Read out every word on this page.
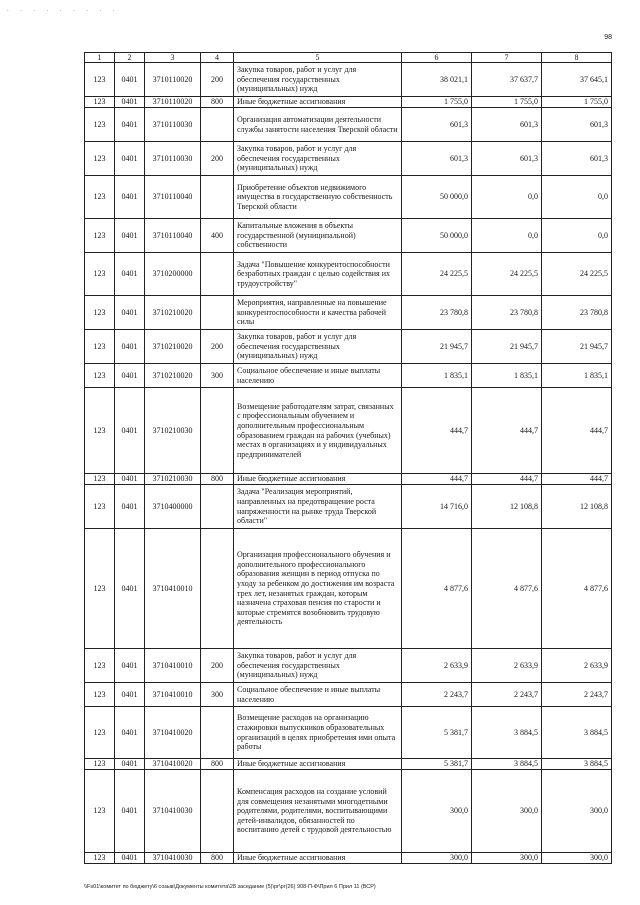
. . . . . . . . .
98
1	2	3	4	5	6	7	8
123	0401	3710110020	200	Закупка товаров, работ и услуг для обеспечения государственных (муниципальных) нужд	38 021,1	37 637,7	37 645,1
123	0401	3710110020	800	Иные бюджетные ассигнования	1 755,0	1 755,0	1 755,0
123	0401	3710110030		Организация автоматизации деятельности службы занятости населения Тверской области	601,3	601,3	601,3
123	0401	3710110030	200	Закупка товаров, работ и услуг для обеспечения государственных (муниципальных) нужд	601,3	601,3	601,3
123	0401	3710110040		Приобретение объектов недвижимого имущества в государственную собственность Тверской области	50 000,0	0,0	0,0
123	0401	3710110040	400	Капитальные вложения в объекты государственной (муниципальной) собственности	50 000,0	0,0	0,0
123	0401	3710200000		Задача "Повышение конкурентоспособности безработных граждан с целью содействия их трудоустройству"	24 225,5	24 225,5	24 225,5
123	0401	3710210020		Мероприятия, направленные на повышение конкурентоспособности и качества рабочей силы	23 780,8	23 780,8	23 780,8
123	0401	3710210020	200	Закупка товаров, работ и услуг для обеспечения государственных (муниципальных) нужд	21 945,7	21 945,7	21 945,7
123	0401	3710210020	300	Социальное обеспечение и иные выплаты населению	1 835,1	1 835,1	1 835,1
123	0401	3710210030		Возмещение работодателям затрат, связанных с профессиональным обучением и дополнительным профессиональным образованием граждан на рабочих (учебных) местах в организациях и у индивидуальных предпринимателей	444,7	444,7	444,7
123	0401	3710210030	800	Иные бюджетные ассигнования	444,7	444,7	444,7
123	0401	3710400000		Задача "Реализация мероприятий, направленных на предотвращение роста напряженности на рынке труда Тверской области"	14 716,0	12 108,8	12 108,8
123	0401	3710410010		Организация профессионального обучения и дополнительного профессионального образования женщин в период отпуска по уходу за ребенком до достижения им возраста трех лет, незанятых граждан, которым назначена страховая пенсия по старости и которые стремятся возобновить трудовую деятельность	4 877,6	4 877,6	4 877,6
123	0401	3710410010	200	Закупка товаров, работ и услуг для обеспечения государственных (муниципальных) нужд	2 633,9	2 633,9	2 633,9
123	0401	3710410010	300	Социальное обеспечение и иные выплаты населению	2 243,7	2 243,7	2 243,7
123	0401	3710410020		Возмещение расходов на организацию стажировки выпускников образовательных организаций в целях приобретения ими опыта работы	5 381,7	3 884,5	3 884,5
123	0401	3710410020	800	Иные бюджетные ассигнования	5 381,7	3 884,5	3 884,5
123	0401	3710410030		Компенсация расходов на создание условий для совмещения незанятыми многодетными родителями, родителями, воспитывающими детей-инвалидов, обязанностей по воспитанию детей с трудовой деятельностью	300,0	300,0	300,0
123	0401	3710410030	800	Иные бюджетные ассигнования	300,0	300,0	300,0
\\Fs01\комитет по бюджету\6 созыв\Документы комитета\28 заседание (5)\рг\рг(26) 908-П-Ф\Прил 6 Прил 11 (ВСР)
